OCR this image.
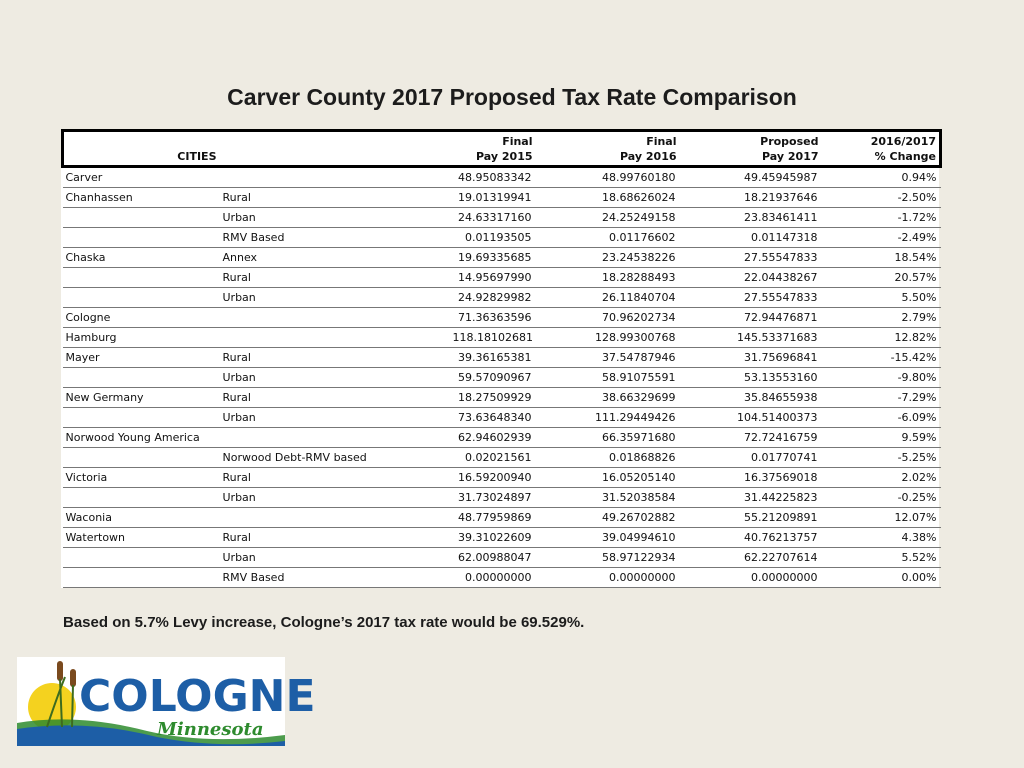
Carver County 2017 Proposed Tax Rate Comparison
		Final	Final	Proposed	2016/2017
CITIES		Pay 2015	Pay 2016	Pay 2017	% Change
Carver		48.95083342	48.99760180	49.45945987	0.94%
Chanhassen	Rural	19.01319941	18.68626024	18.21937646	-2.50%
	Urban	24.63317160	24.25249158	23.83461411	-1.72%
	RMV Based	0.01193505	0.01176602	0.01147318	-2.49%
Chaska	Annex	19.69335685	23.24538226	27.55547833	18.54%
	Rural	14.95697990	18.28288493	22.04438267	20.57%
	Urban	24.92829982	26.11840704	27.55547833	5.50%
Cologne		71.36363596	70.96202734	72.94476871	2.79%
Hamburg		118.18102681	128.99300768	145.53371683	12.82%
Mayer	Rural	39.36165381	37.54787946	31.75696841	-15.42%
	Urban	59.57090967	58.91075591	53.13553160	-9.80%
New Germany	Rural	18.27509929	38.66329699	35.84655938	-7.29%
	Urban	73.63648340	111.29449426	104.51400373	-6.09%
Norwood Young America		62.94602939	66.35971680	72.72416759	9.59%
	Norwood Debt-RMV based	0.02021561	0.01868826	0.01770741	-5.25%
Victoria	Rural	16.59200940	16.05205140	16.37569018	2.02%
	Urban	31.73024897	31.52038584	31.44225823	-0.25%
Waconia		48.77959869	49.26702882	55.21209891	12.07%
Watertown	Rural	39.31022609	39.04994610	40.76213757	4.38%
	Urban	62.00988047	58.97122934	62.22707614	5.52%
	RMV Based	0.00000000	0.00000000	0.00000000	0.00%
Based on 5.7% Levy increase, Cologne’s 2017 tax rate would be 69.529%.
COLOGNE
Minnesota
